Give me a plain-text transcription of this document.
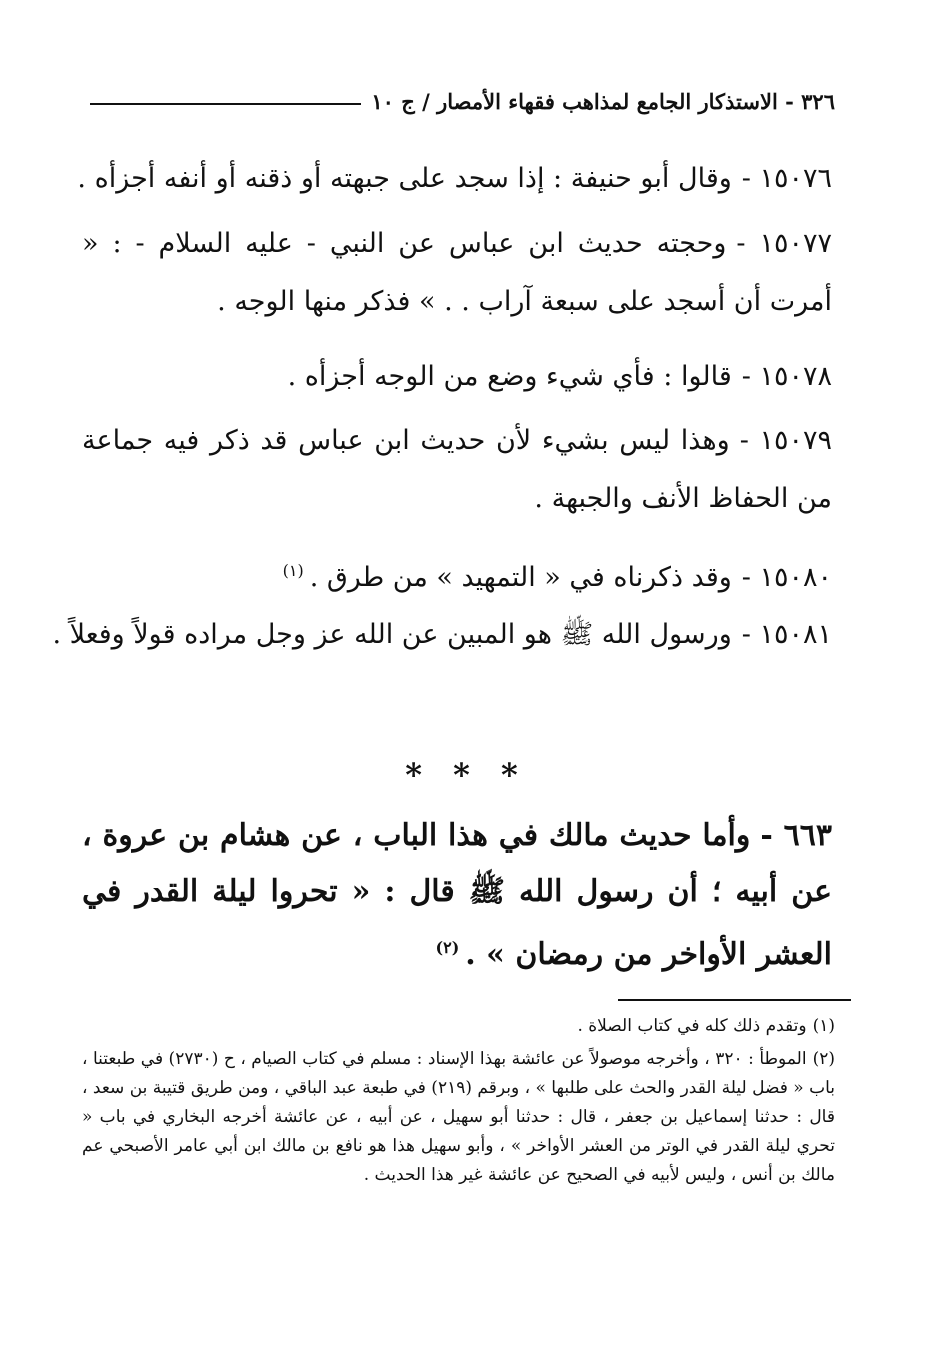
٣٢٦ - الاستذكار الجامع لمذاهب فقهاء الأمصار / ج ١٠
١٥٠٧٦ -وقال أبو حنيفة : إذا سجد على جبهته أو ذقنه أو أنفه أجزأه .
١٥٠٧٧ -وحجته حديث ابن عباس عن النبي - عليه السلام - : « أمرت أن أسجد على سبعة آراب . . » فذكر منها الوجه .
١٥٠٧٨ -قالوا : فأي شيء وضع من الوجه أجزأه .
١٥٠٧٩ -وهذا ليس بشيء لأن حديث ابن عباس قد ذكر فيه جماعة من الحفاظ الأنف والجبهة .
١٥٠٨٠ -وقد ذكرناه في « التمهيد » من طرق .$^{(١)}$
١٥٠٨١ -ورسول الله ﷺ هو المبين عن الله عز وجل مراده قولاً وفعلاً .
* * *
٦٦٣ -وأما حديث مالك في هذا الباب ، عن هشام بن عروة ، عن أبيه ؛ أن رسول الله ﷺ قال : « تحروا ليلة القدر في العشر الأواخر من رمضان » .$^{(٢)}$

(١)وتقدم ذلك كله في كتاب الصلاة .

(٢)الموطأ : ٣٢٠ ، وأخرجه موصولاً عن عائشة بهذا الإسناد : مسلم في كتاب الصيام ، ح (٢٧٣٠) في طبعتنا ، باب « فضل ليلة القدر والحث على طلبها » ، وبرقم (٢١٩) في طبعة عبد الباقي ، ومن طريق قتيبة بن سعد ، قال : حدثنا إسماعيل بن جعفر ، قال : حدثنا أبو سهيل ، عن أبيه ، عن عائشة أخرجه البخاري في باب « تحري ليلة القدر في الوتر من العشر الأواخر » ، وأبو سهيل هذا هو نافع بن مالك ابن أبي عامر الأصبحي عم مالك بن أنس ، وليس لأبيه في الصحيح عن عائشة غير هذا الحديث .
